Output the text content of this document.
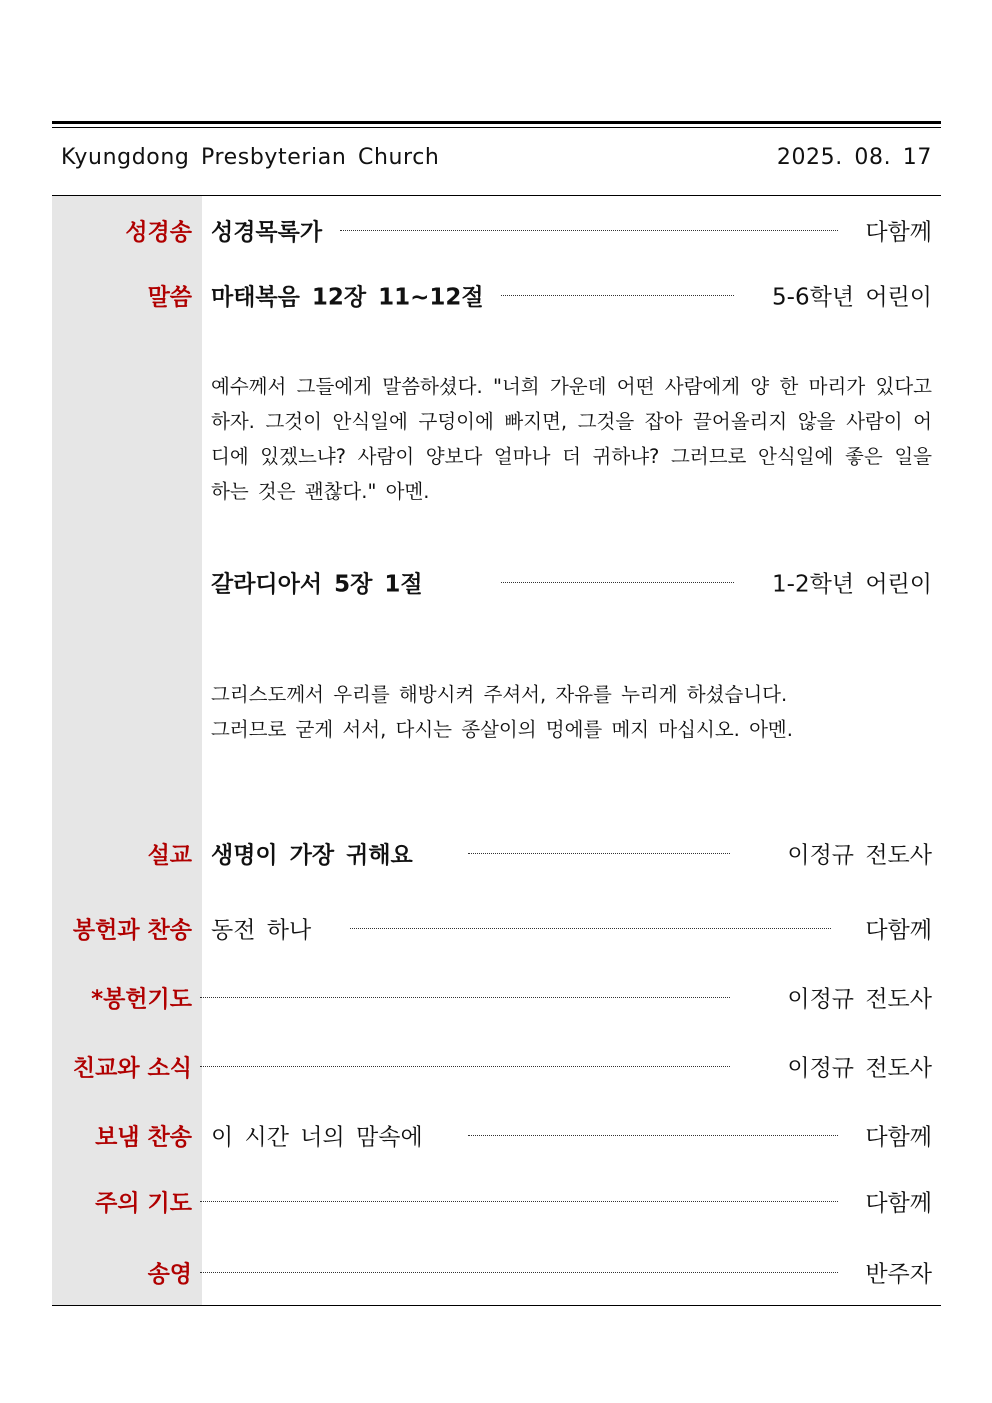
Kyungdong Presbyterian Church	2025. 08. 17
성경송 성경목록가	다함께
말씀 마태복음 12장 11~12절	5-6학년 어린이
예수께서 그들에게 말씀하셨다. "너희 가운데 어떤 사람에게 양 한 마리가 있다고 하자. 그것이 안식일에 구덩이에 빠지면, 그것을 잡아 끌어올리지 않을 사람이 어디에 있겠느냐? 사람이 양보다 얼마나 더 귀하냐? 그러므로 안식일에 좋은 일을 하는 것은 괜찮다." 아멘.
갈라디아서 5장 1절	1-2학년 어린이
그리스도께서 우리를 해방시켜 주셔서, 자유를 누리게 하셨습니다.
그러므로 굳게 서서, 다시는 종살이의 멍에를 메지 마십시오. 아멘.
설교 생명이 가장 귀해요	이정규 전도사
봉헌과 찬송 동전 하나	다함께
*봉헌기도	이정규 전도사
친교와 소식	이정규 전도사
보냄 찬송 이 시간 너의 맘속에	다함께
주의 기도	다함께
송영	반주자
